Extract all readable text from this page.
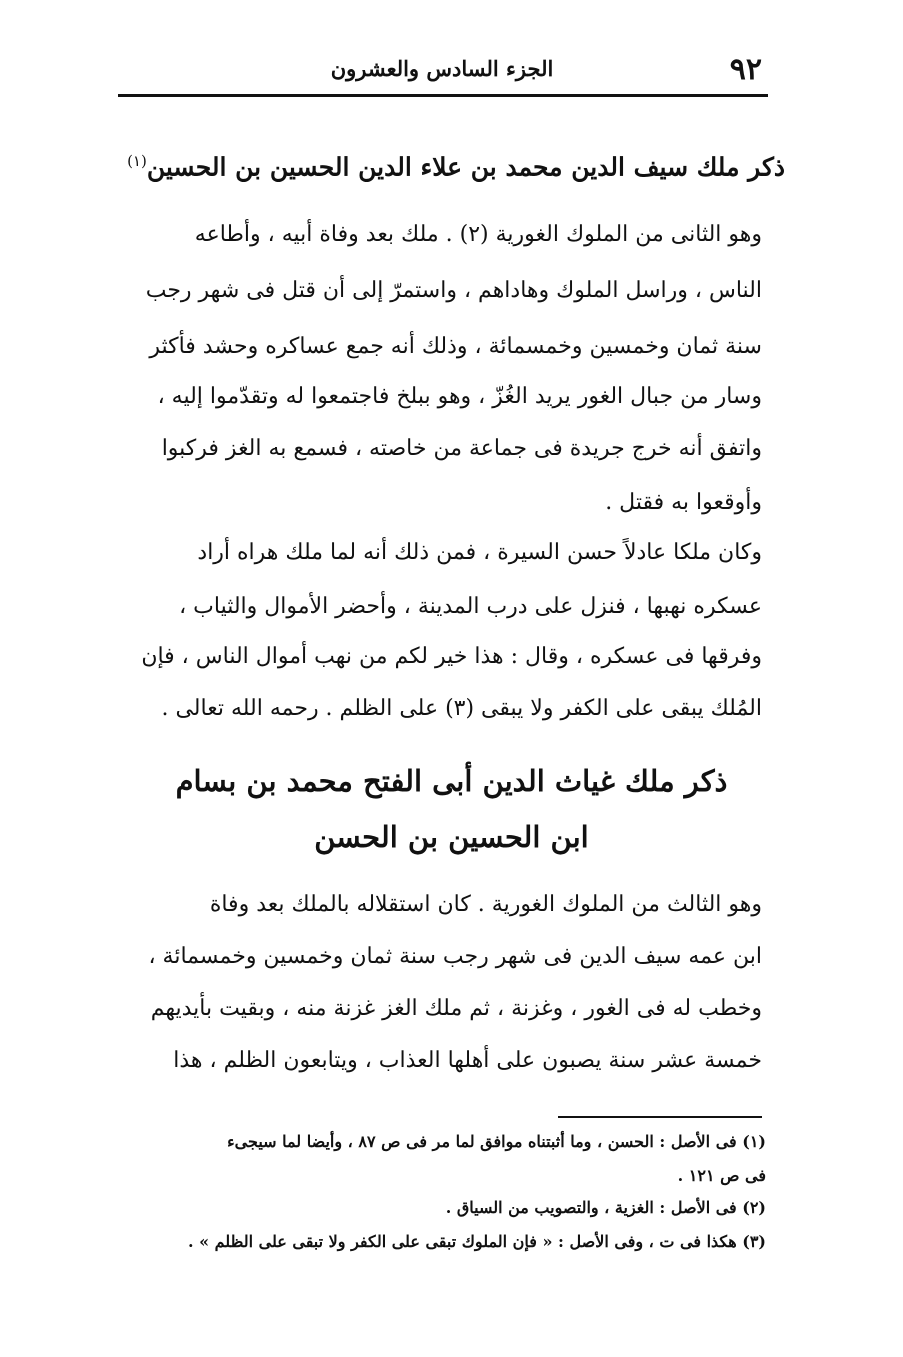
٩٢
الجزء السادس والعشرون
ذكر ملك سيف الدين محمد بن علاء الدين الحسين بن الحسين$^{(١)}$
وهو الثانى من الملوك الغورية (٢) . ملك بعد وفاة أبيه ، وأطاعه
الناس ، وراسل الملوك وهاداهم ، واستمرّ إلى أن قتل فى شهر رجب
سنة ثمان وخمسين وخمسمائة ، وذلك أنه جمع عساكره وحشد فأكثر
وسار من جبال الغور يريد الغُزّ ، وهو ببلخ فاجتمعوا له وتقدّموا إليه ،
واتفق أنه خرج جريدة فى جماعة من خاصته ، فسمع به الغز فركبوا
وأوقعوا به فقتل .
وكان ملكا عادلاً حسن السيرة ، فمن ذلك أنه لما ملك هراه أراد
عسكره نهبها ، فنزل على درب المدينة ، وأحضر الأموال والثياب ،
وفرقها فى عسكره ، وقال : هذا خير لكم من نهب أموال الناس ، فإن
المُلك يبقى على الكفر ولا يبقى (٣) على الظلم . رحمه الله تعالى .
ذكر ملك غياث الدين أبى الفتح محمد بن بسام
ابن الحسين بن الحسن
وهو الثالث من الملوك الغورية . كان استقلاله بالملك بعد وفاة
ابن عمه سيف الدين فى شهر رجب سنة ثمان وخمسين وخمسمائة ،
وخطب له فى الغور ، وغزنة ، ثم ملك الغز غزنة منه ، وبقيت بأيديهم
خمسة عشر سنة يصبون على أهلها العذاب ، ويتابعون الظلم ، هذا
(١) فى الأصل : الحسن ، وما أثبتناه موافق لما مر فى ص ٨٧ ، وأيضا لما سيجىء
فى ص ١٢١ .
(٢) فى الأصل : الغزية ، والتصويب من السياق .
(٣) هكذا فى ت ، وفى الأصل : « فإن الملوك تبقى على الكفر ولا تبقى على الظلم » .
